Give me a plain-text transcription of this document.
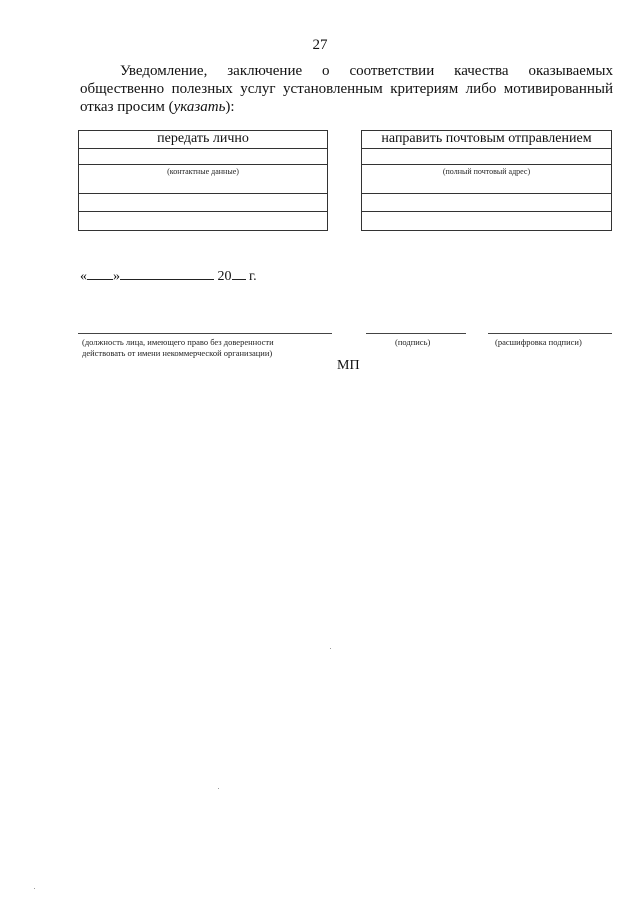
27
Уведомление, заключение о соответствии качества оказываемых
общественно полезных услуг установленным критериям либо мотивированный
отказ просим (указать):
передать лично
(контактные данные)
направить почтовым отправлением
(полный почтовый адрес)
« »	20 г.
(должность лица, имеющего право без доверенности
действовать от имени некоммерческой организации)
(подпись)	(расшифровка подписи)
МП
